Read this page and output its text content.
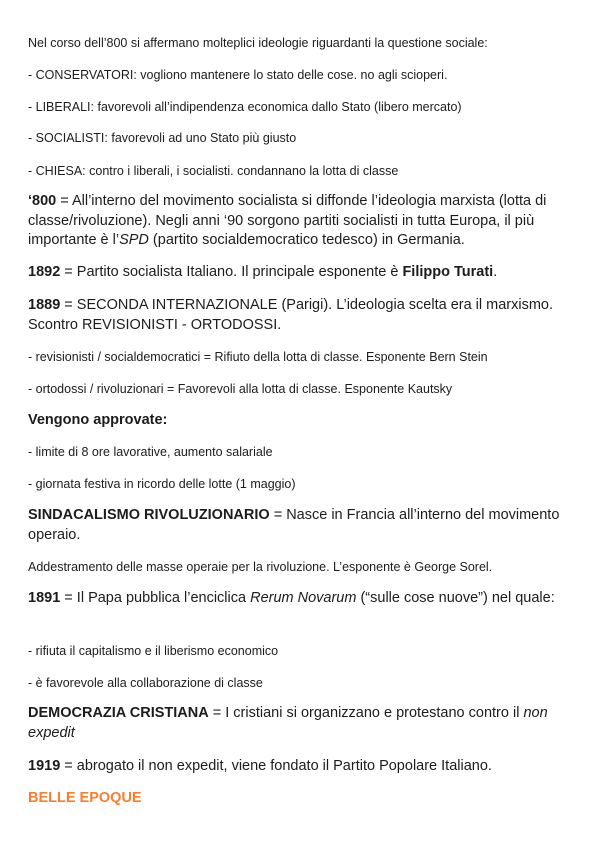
Nel corso dell’800 si affermano molteplici ideologie riguardanti la questione sociale:
- CONSERVATORI: vogliono mantenere lo stato delle cose. no agli scioperi.
- LIBERALI: favorevoli all’indipendenza economica dallo Stato (libero mercato)
- SOCIALISTI: favorevoli ad uno Stato più giusto
- CHIESA: contro i liberali, i socialisti. condannano la lotta di classe
‘800 = All’interno del movimento socialista si diffonde l’ideologia marxista (lotta di classe/rivoluzione). Negli anni ‘90 sorgono partiti socialisti in tutta Europa, il più importante è l’SPD (partito socialdemocratico tedesco) in Germania.
1892 = Partito socialista Italiano. Il principale esponente è Filippo Turati.
1889 = SECONDA INTERNAZIONALE (Parigi). L’ideologia scelta era il marxismo. Scontro REVISIONISTI - ORTODOSSI.
- revisionisti / socialdemocratici = Rifiuto della lotta di classe. Esponente Bern Stein
- ortodossi / rivoluzionari = Favorevoli alla lotta di classe. Esponente Kautsky
Vengono approvate:
- limite di 8 ore lavorative, aumento salariale
- giornata festiva in ricordo delle lotte (1 maggio)
SINDACALISMO RIVOLUZIONARIO = Nasce in Francia all’interno del movimento operaio.
Addestramento delle masse operaie per la rivoluzione. L’esponente è George Sorel.
1891 = Il Papa pubblica l’enciclica Rerum Novarum (“sulle cose nuove”) nel quale:
- rifiuta il capitalismo e il liberismo economico
- è favorevole alla collaborazione di classe
DEMOCRAZIA CRISTIANA = I cristiani si organizzano e protestano contro il non expedit
1919 = abrogato il non expedit, viene fondato il Partito Popolare Italiano.
BELLE EPOQUE
